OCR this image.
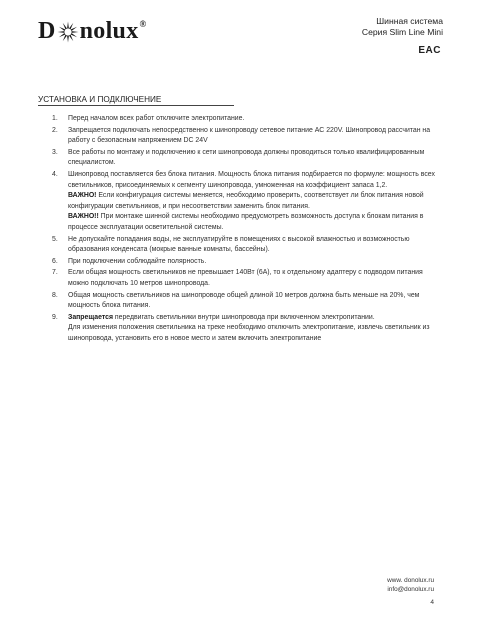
D nolux ®	Шинная система
Серия Slim Line Mini
EAC
УСТАНОВКА И ПОДКЛЮЧЕНИЕ
1.	Перед началом всех работ отключите электропитание.
2.	Запрещается подключать непосредственно к шинопроводу сетевое питание AC 220V. Шинопровод рассчитан на работу с безопасным напряжением DC 24V
3.	Все работы по монтажу и подключению к сети шинопровода должны проводиться только квалифицированным специалистом.
4.	Шинопровод поставляется без блока питания. Мощность блока питания подбирается по формуле: мощность всех светильников, присоединяемых к сегменту шинопровода, умноженная на коэффициент запаса 1,2.
ВАЖНО! Если конфигурация системы меняется, необходимо проверить, соответствует ли блок питания новой конфигурации светильников, и при несоответствии заменить блок питания.
ВАЖНО!! При монтаже шинной системы необходимо предусмотреть возможность доступа к блокам питания в процессе эксплуатации осветительной системы.
5.	Не допускайте попадания воды, не эксплуатируйте в помещениях с высокой влажностью и возможностью образования конденсата (мокрые ванные комнаты, бассейны).
6.	При подключении соблюдайте полярность.
7.	Если общая мощность светильников не превышает 140Вт (6А), то к отдельному адаптеру с подводом питания можно подключать 10 метров шинопровода.
8.	Общая мощность светильников на шинопроводе общей длиной 10 метров должна быть меньше на 20%, чем мощность блока питания.
9.	Запрещается передвигать светильники внутри шинопровода при включенном электропитании.
Для изменения положения светильника на треке необходимо отключить электропитание, извлечь светильник из шинопровода, установить его в новое место и затем включить электропитание
www. donolux.ru
info@donolux.ru
4
